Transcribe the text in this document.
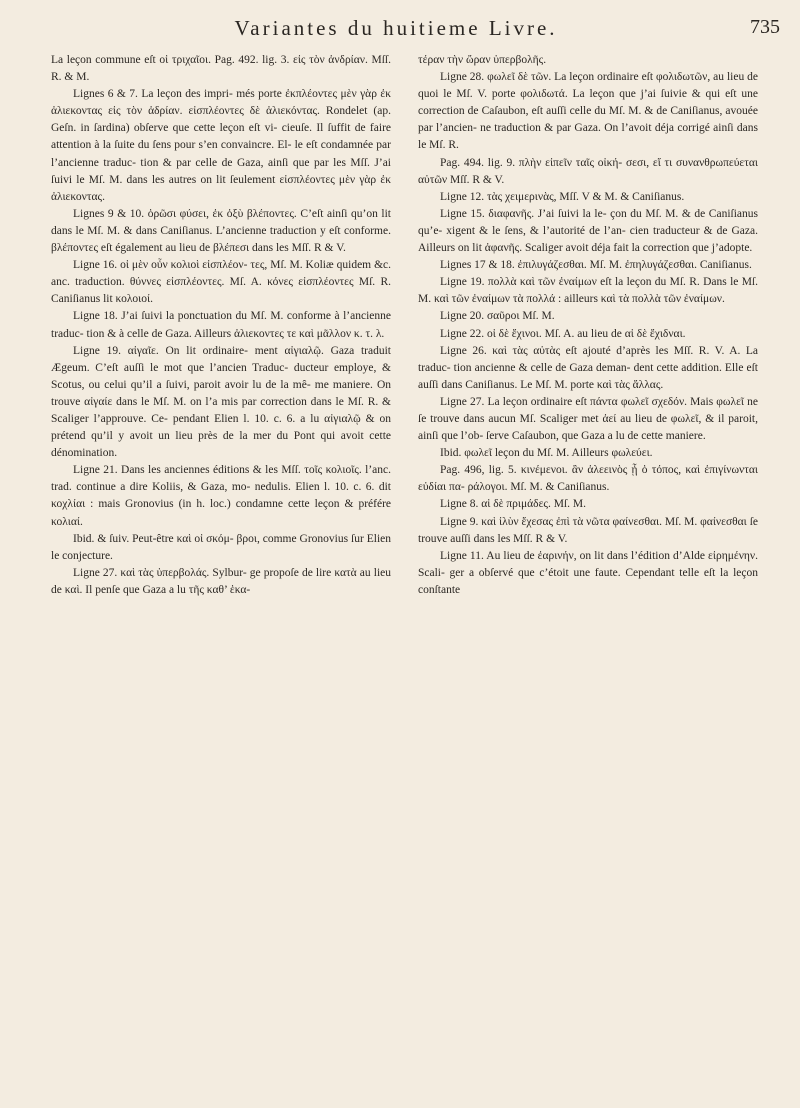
Variantes du huitieme Livre.	735

La leçon commune eſt οἱ τριχαῖοι. Pag. 492. lig. 3. εἰς τὸν ἀνδρίαν. Mſſ. R. & M.

Lignes 6 & 7. La leçon des impri- més porte ἐκπλέοντες μὲν γὰρ ἐκ ἀλιεκοντας εἰς τὸν ἀδρίαν. εἰσπλέοντες δὲ ἀλιεκόντας. Rondelet (ap. Geſn. in ſardina) obſerve que cette leçon eſt vi- cieuſe. Il ſuffit de faire attention à la ſuite du ſens pour s’en convaincre. El- le eſt condamnée par l’ancienne traduc- tion & par celle de Gaza, ainſi que par les Mſſ. J’ai ſuivi le Mſ. M. dans les autres on lit ſeulement εἰσπλέοντες μὲν γὰρ ἐκ ἀλιεκοντας.

Lignes 9 & 10. ὁρῶσι φύσει, ἐκ ὀξὺ βλέποντες. C’eſt ainſi qu’on lit dans le Mſ. M. & dans Caniſianus. L’ancienne traduction y eſt conforme. βλέποντες eſt également au lieu de βλέπεσι dans les Mſſ. R & V.

Ligne 16. οἱ μὲν οὖν κολιοὶ εἰσπλέον- τες, Mſ. M. Koliæ quidem &c. anc. traduction. θύννες εἰσπλέοντες. Mſ. A. κόνες εἰσπλέοντες Mſ. R. Caniſianus lit κολοιοί.

Ligne 18. J’ai ſuivi la ponctuation du Mſ. M. conforme à l’ancienne traduc- tion & à celle de Gaza. Ailleurs ἀλιεκοντες τε καὶ μᾶλλον κ. τ. λ.

Ligne 19. αἰγαῖε. On lit ordinaire- ment αἰγιαλῷ. Gaza traduit Ægeum. C’eſt auſſi le mot que l’ancien Traduc- ducteur employe, & Scotus, ou celui qu’il a ſuivi, paroit avoir lu de la mê- me maniere. On trouve αἰγαίε dans le Mſ. M. on l’a mis par correction dans le Mſ. R. & Scaliger l’approuve. Ce- pendant Elien l. 10. c. 6. a lu αἰγιαλῷ & on prétend qu’il y avoit un lieu près de la mer du Pont qui avoit cette dénomination.

Ligne 21. Dans les anciennes éditions & les Mſſ. τοῖς κολιοῖς. l’anc. trad. continue a dire Koliis, & Gaza, mo- nedulis. Elien l. 10. c. 6. dit κοχλίαι : mais Gronovius (in h. loc.) condamne cette leçon & préfére κολιαί.

Ibid. & ſuiv. Peut-être καὶ οἱ σκόμ- βροι, comme Gronovius ſur Elien le conjecture.

Ligne 27. καὶ τὰς ὑπερβολάς. Sylbur- ge propoſe de lire κατὰ au lieu de καὶ. Il penſe que Gaza a lu τῆς καθ’ ἑκα-

τέραν τὴν ὥραν ὑπερβολῆς.

Ligne 28. φωλεῖ δὲ τῶν. La leçon ordinaire eſt φολιδωτῶν, au lieu de quoi le Mſ. V. porte φολιδωτά. La leçon que j’ai ſuivie & qui eſt une correction de Caſaubon, eſt auſſi celle du Mſ. M. & de Caniſianus, avouée par l’ancien- ne traduction & par Gaza. On l’avoit déja corrigé ainſi dans le Mſ. R.

Pag. 494. lig. 9. πλὴν εἰπεῖν ταῖς οἰκή- σεσι, εἴ τι συνανθρωπεύεται αὐτῶν Mſſ. R & V.

Ligne 12. τὰς χειμερινὰς, Mſſ. V & M. & Caniſianus.

Ligne 15. διαφανῆς. J’ai ſuivi la le- çon du Mſ. M. & de Caniſianus qu’e- xigent & le ſens, & l’autorité de l’an- cien traducteur & de Gaza. Ailleurs on lit ἀφανῆς. Scaliger avoit déja fait la correction que j’adopte.

Lignes 17 & 18. ἐπιλυγάζεσθαι. Mſ. M. ἐπηλυγάζεσθαι. Caniſianus.

Ligne 19. πολλὰ καὶ τῶν ἐναίμων eſt la leçon du Mſ. R. Dans le Mſ. M. καὶ τῶν ἐναίμων τὰ πολλά : ailleurs καὶ τὰ πολλὰ τῶν ἐναίμων.

Ligne 20. σαῦροι Mſ. M.

Ligne 22. οἱ δὲ ἔχινοι. Mſ. A. au lieu de αἱ δὲ ἔχιδναι.

Ligne 26. καὶ τὰς αὐτὰς eſt ajouté d’après les Mſſ. R. V. A. La traduc- tion ancienne & celle de Gaza deman- dent cette addition. Elle eſt auſſi dans Caniſianus. Le Mſ. M. porte καὶ τὰς ἄλλας.

Ligne 27. La leçon ordinaire eſt πάντα φωλεῖ σχεδόν. Mais φωλεῖ ne ſe trouve dans aucun Mſ. Scaliger met ἀεί au lieu de φωλεῖ, & il paroit, ainſi que l’ob- ſerve Caſaubon, que Gaza a lu de cette maniere.

Ibid. φωλεῖ leçon du Mſ. M. Ailleurs φωλεύει.

Pag. 496, lig. 5. κινέμενοι. ἂν ἀλεεινὸς ᾖ ὁ τόπος, καὶ ἐπιγίνωνται εὐδίαι πα- ράλογοι. Mſ. M. & Caniſianus.

Ligne 8. αἱ δὲ πριμάδες. Mſ. M.

Ligne 9. καὶ ἰλὺν ἔχεσας ἐπὶ τὰ νῶτα φαίνεσθαι. Mſ. M. φαίνεσθαι ſe trouve auſſi dans les Mſſ. R & V.

Ligne 11. Au lieu de ἐαρινήν, on lit dans l’édition d’Alde εἰρημένην. Scali- ger a obſervé que c’étoit une faute. Cependant telle eſt la leçon conſtante
